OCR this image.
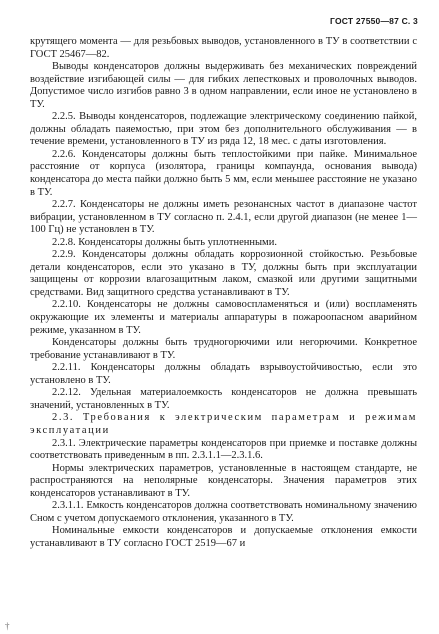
ГОСТ 27550—87 С. 3

крутящего момента — для резьбовых выводов, установленного в ТУ в соответствии с ГОСТ 25467—82.

Выводы конденсаторов должны выдерживать без механических повреждений воздействие изгибающей силы — для гибких лепестковых и проволочных выводов. Допустимое число изгибов равно 3 в одном направлении, если иное не установлено в ТУ.

2.2.5. Выводы конденсаторов, подлежащие электрическому соединению пайкой, должны обладать паяемостью, при этом без дополнительного обслуживания — в течение времени, установленного в ТУ из ряда 12, 18 мес. с даты изготовления.

2.2.6. Конденсаторы должны быть теплостойкими при пайке. Минимальное расстояние от корпуса (изолятора, границы компаунда, основания вывода) конденсатора до места пайки должно быть 5 мм, если меньшее расстояние не указано в ТУ.

2.2.7. Конденсаторы не должны иметь резонансных частот в диапазоне частот вибрации, установленном в ТУ согласно п. 2.4.1, если другой диапазон (не менее 1—100 Гц) не установлен в ТУ.

2.2.8. Конденсаторы должны быть уплотненными.

2.2.9. Конденсаторы должны обладать коррозионной стойкостью. Резьбовые детали конденсаторов, если это указано в ТУ, должны быть при эксплуатации защищены от коррозии влагозащитным лаком, смазкой или другими защитными средствами. Вид защитного средства устанавливают в ТУ.

2.2.10. Конденсаторы не должны самовоспламеняться и (или) воспламенять окружающие их элементы и материалы аппаратуры в пожароопасном аварийном режиме, указанном в ТУ.

Конденсаторы должны быть трудногорючими или негорючими. Конкретное требование устанавливают в ТУ.

2.2.11. Конденсаторы должны обладать взрывоустойчивостью, если это установлено в ТУ.

2.2.12. Удельная материалоемкость конденсаторов не должна превышать значений, установленных в ТУ.

2.3. Требования к электрическим параметрам и режимам эксплуатации

2.3.1. Электрические параметры конденсаторов при приемке и поставке должны соответствовать приведенным в пп. 2.3.1.1—2.3.1.6.

Нормы электрических параметров, установленные в настоящем стандарте, не распространяются на неполярные конденсаторы. Значения параметров этих конденсаторов устанавливают в ТУ.

2.3.1.1. Емкость конденсаторов должна соответствовать номинальному значению Сном с учетом допускаемого отклонения, указанного в ТУ.

Номинальные емкости конденсаторов и допускаемые отклонения емкости устанавливают в ТУ согласно ГОСТ 2519—67 и

†
